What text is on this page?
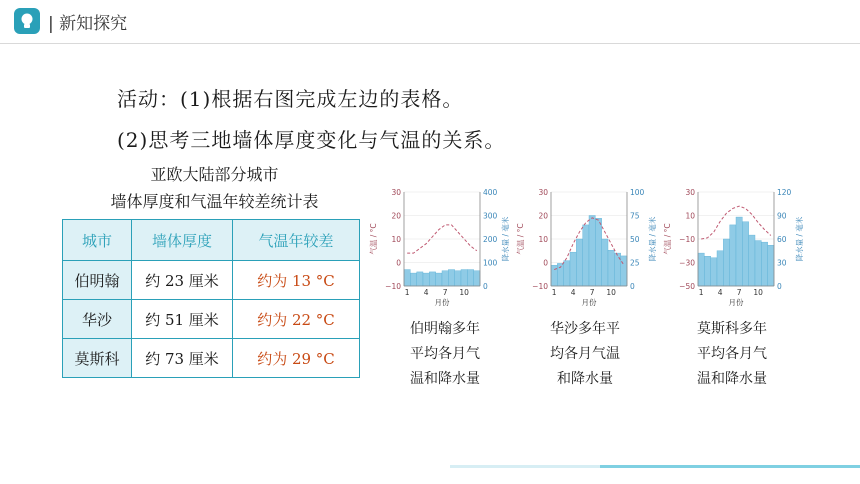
| 新知探究
活动：(1)根据右图完成左边的表格。
(2)思考三地墙体厚度变化与气温的关系。
亚欧大陆部分城市
墙体厚度和气温年较差统计表
城市	墙体厚度	气温年较差
伯明翰	约 23 厘米	约为 13 °C
华沙	约 51 厘米	约为 22 °C
莫斯科	约 73 厘米	约为 29 °C
−10
0
10
20
30
0
100
200
300
400
1 4 7 10
月份
气温 / °C	降水量 / 毫米
−10
0
10
20
30
0
25
50
75
100
1 4 7 10
月份
气温 / °C	降水量 / 毫米
−50
−30
−10
10
30
0
30
60
90
120
1 4 7 10
月份
气温 / °C	降水量 / 毫米
伯明翰多年
平均各月气
温和降水量
华沙多年平
均各月气温
和降水量
莫斯科多年
平均各月气
温和降水量
